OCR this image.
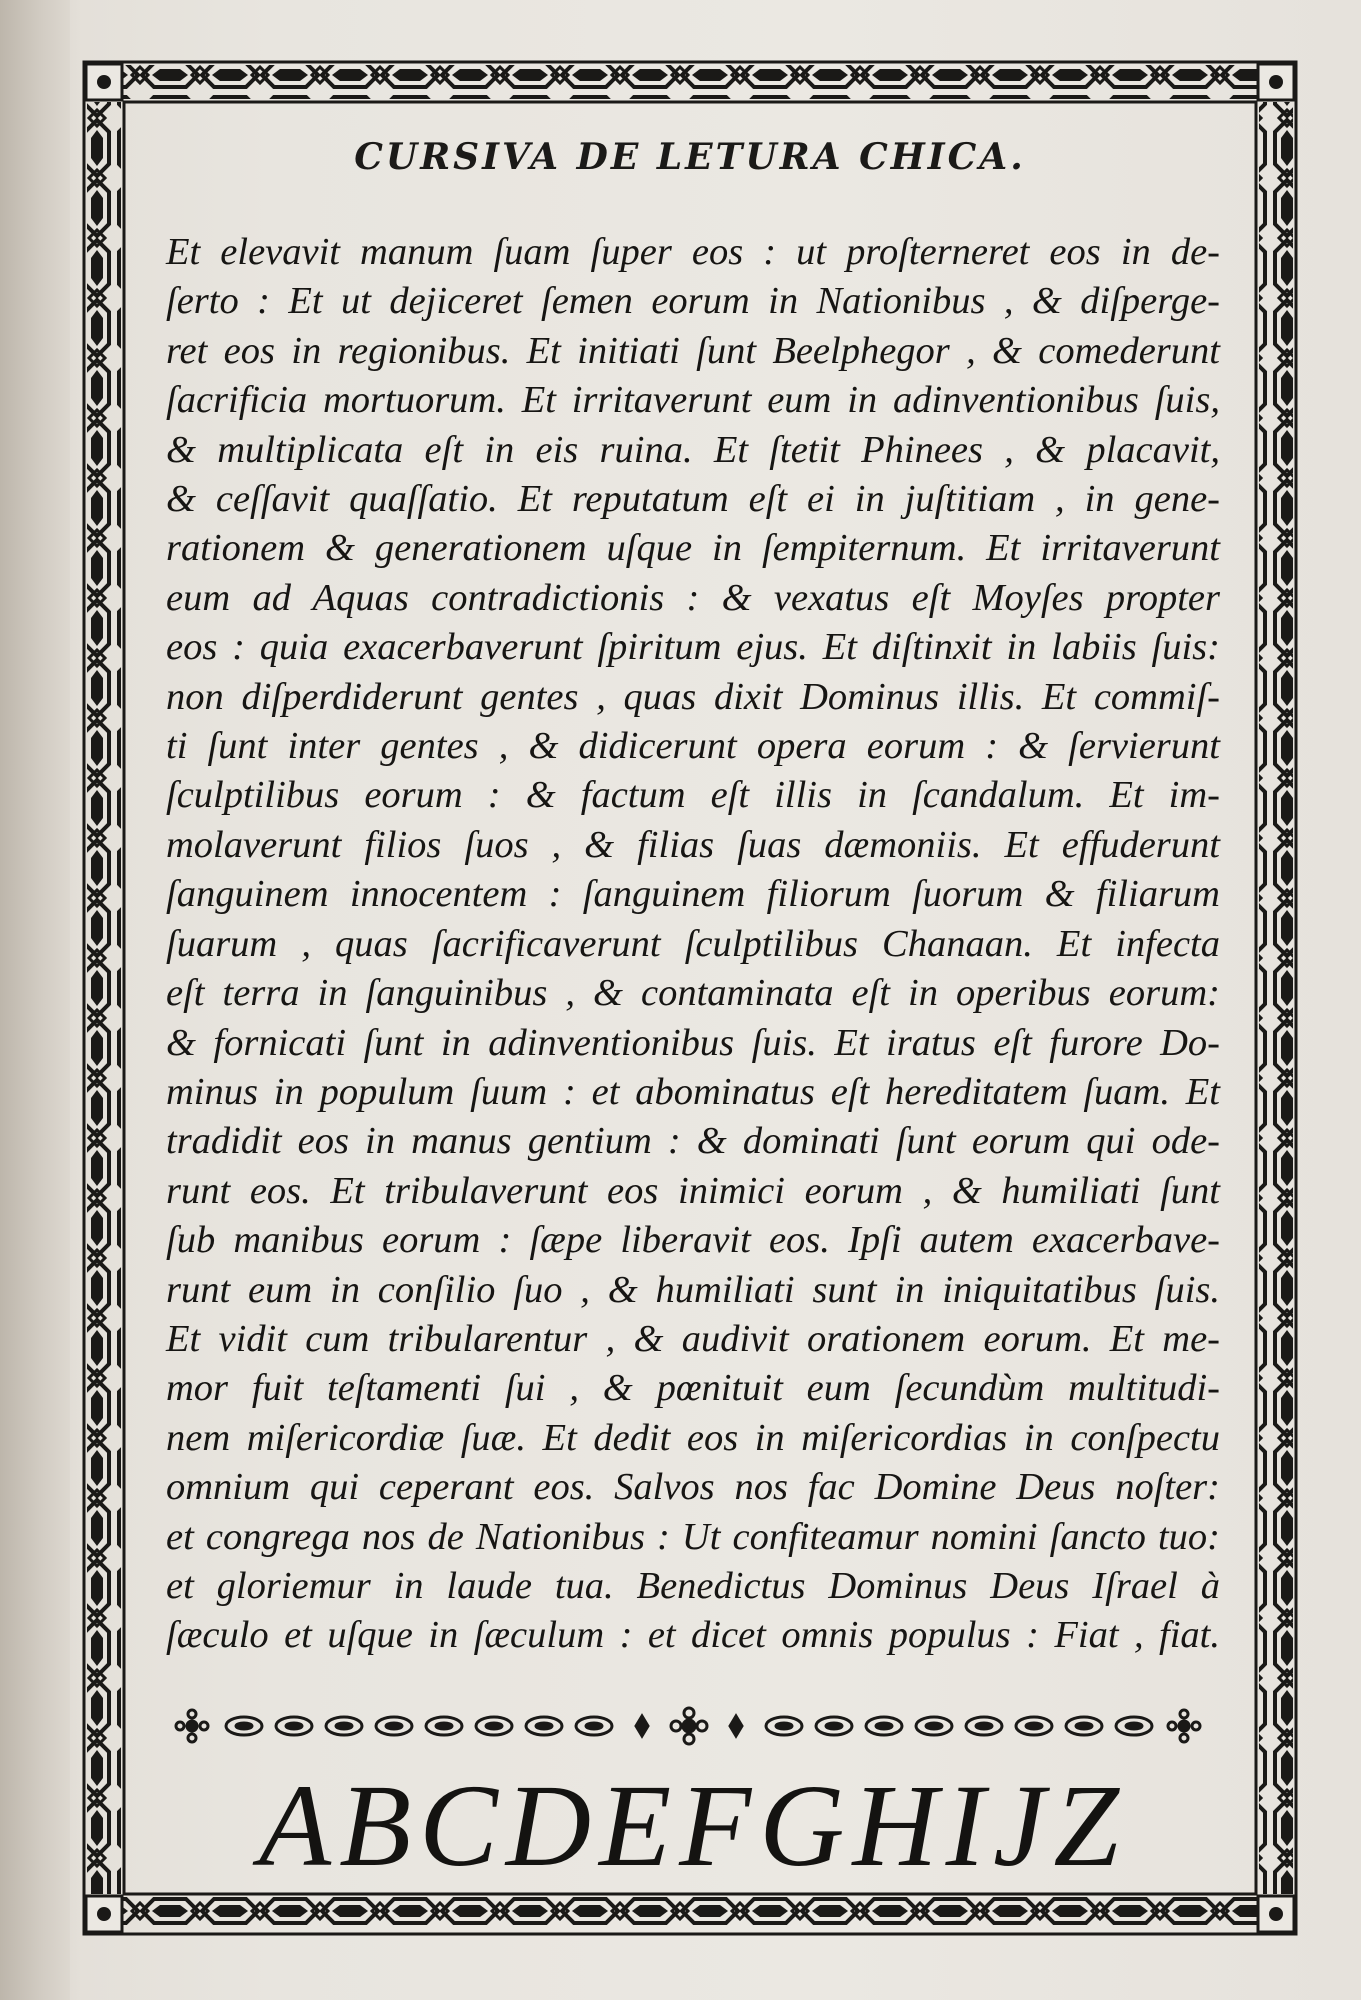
CURSIVA DE LETURA CHICA.
Et elevavit manum ſuam ſuper eos : ut proſterneret eos in de-
ſerto : Et ut dejiceret ſemen eorum in Nationibus , & diſperge-
ret eos in regionibus. Et initiati ſunt Beelphegor , & comederunt
ſacrificia mortuorum. Et irritaverunt eum in adinventionibus ſuis,
& multiplicata eſt in eis ruina. Et ſtetit Phinees , & placavit,
& ceſſavit quaſſatio. Et reputatum eſt ei in juſtitiam , in gene-
rationem & generationem uſque in ſempiternum. Et irritaverunt
eum ad Aquas contradictionis : & vexatus eſt Moyſes propter
eos : quia exacerbaverunt ſpiritum ejus. Et diſtinxit in labiis ſuis:
non diſperdiderunt gentes , quas dixit Dominus illis. Et commiſ-
ti ſunt inter gentes , & didicerunt opera eorum : & ſervierunt
ſculptilibus eorum : & factum eſt illis in ſcandalum. Et im-
molaverunt filios ſuos , & filias ſuas dæmoniis. Et effuderunt
ſanguinem innocentem : ſanguinem filiorum ſuorum & filiarum
ſuarum , quas ſacrificaverunt ſculptilibus Chanaan. Et infecta
eſt terra in ſanguinibus , & contaminata eſt in operibus eorum:
& fornicati ſunt in adinventionibus ſuis. Et iratus eſt furore Do-
minus in populum ſuum : et abominatus eſt hereditatem ſuam. Et
tradidit eos in manus gentium : & dominati ſunt eorum qui ode-
runt eos. Et tribulaverunt eos inimici eorum , & humiliati ſunt
ſub manibus eorum : ſæpe liberavit eos. Ipſi autem exacerbave-
runt eum in conſilio ſuo , & humiliati sunt in iniquitatibus ſuis.
Et vidit cum tribularentur , & audivit orationem eorum. Et me-
mor fuit teſtamenti ſui , & pœnituit eum ſecundùm multitudi-
nem miſericordiæ ſuæ. Et dedit eos in miſericordias in conſpectu
omnium qui ceperant eos. Salvos nos fac Domine Deus noſter:
et congrega nos de Nationibus : Ut confiteamur nomini ſancto tuo:
et gloriemur in laude tua. Benedictus Dominus Deus Iſrael à
ſæculo et uſque in ſæculum : et dicet omnis populus : Fiat , fiat.
ABCDEFGHIJZ
